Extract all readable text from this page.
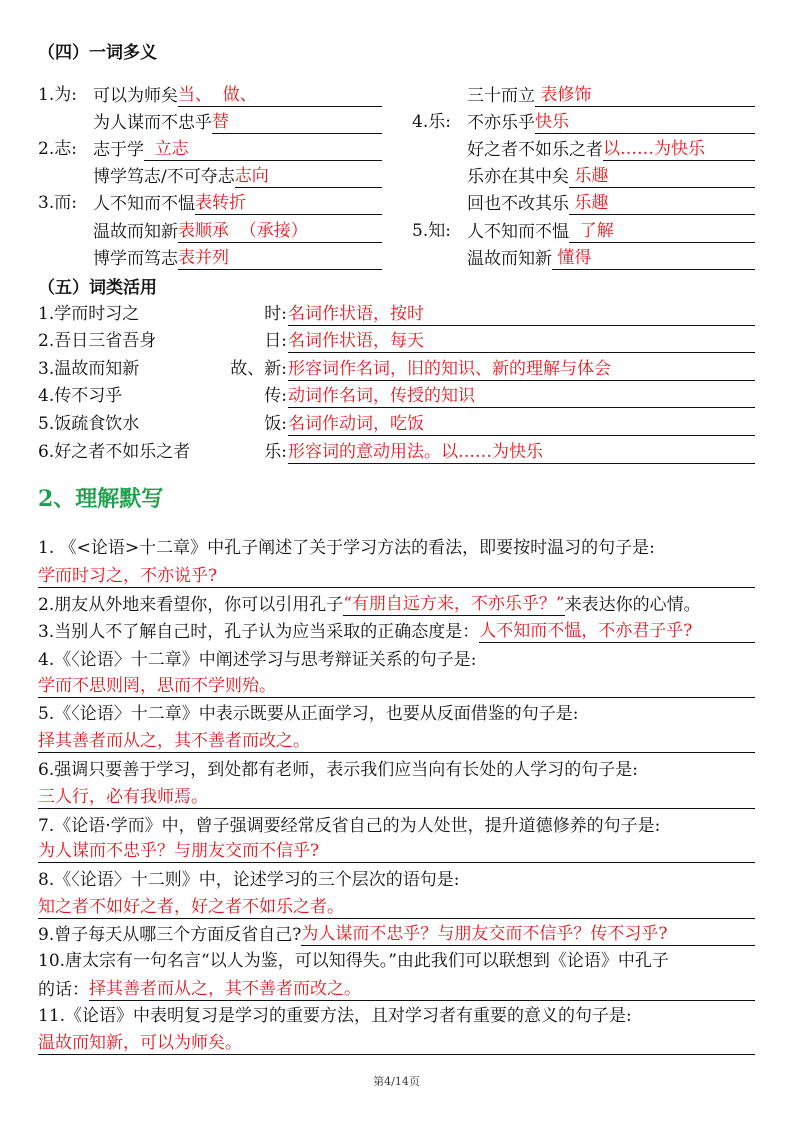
（四）一词多义
1.为: 可以为师矣 当、  做、
为人谋而不忠乎 替
2.志: 志于学 立志
博学笃志/不可夺志 志向
3.而: 人不知而不愠 表转折
温故而知新 表顺承  （承接）
博学而笃志 表并列
三十而立 表修饰
4.乐: 不亦乐乎 快乐
好之者不如乐之者 以……为快乐
乐亦在其中矣 乐趣
回也不改其乐 乐趣
5.知: 人不知而不愠 了解
温故而知新 懂得
（五）词类活用
1.学而时习之	时: 名词作状语，按时
2.吾日三省吾身	日: 名词作状语，每天
3.温故而知新	故、新: 形容词作名词，旧的知识、新的理解与体会
4.传不习乎	传: 动词作名词，传授的知识
5.饭疏食饮水	饭: 名词作动词，吃饭
6.好之者不如乐之者	乐: 形容词的意动用法。以……为快乐
2、理解默写
1. 《<论语>十二章》中孔子阐述了关于学习方法的看法，即要按时温习的句子是:
学而时习之，不亦说乎?
2.朋友从外地来看望你，你可以引用孔子 “有朋自远方来，不亦乐乎？” 来表达你的心情。
3.当别人不了解自己时，孔子认为应当采取的正确态度是： 人不知而不愠，不亦君子乎?
4.《〈论语〉十二章》中阐述学习与思考辩证关系的句子是:
学而不思则罔，思而不学则殆。
5.《〈论语〉十二章》中表示既要从正面学习，也要从反面借鉴的句子是:
择其善者而从之，其不善者而改之。
6.强调只要善于学习，到处都有老师，表示我们应当向有长处的人学习的句子是:
三人行，必有我师焉。
7.《论语·学而》中，曾子强调要经常反省自己的为人处世，提升道德修养的句子是:
为人谋而不忠乎？与朋友交而不信乎?
8.《〈论语〉十二则》中，论述学习的三个层次的语句是:
知之者不如好之者，好之者不如乐之者。
9.曾子每天从哪三个方面反省自己? 为人谋而不忠乎？与朋友交而不信乎？传不习乎?
10.唐太宗有一句名言“以人为鉴，可以知得失。”由此我们可以联想到《论语》中孔子
的话： 择其善者而从之，其不善者而改之。
11.《论语》中表明复习是学习的重要方法，且对学习者有重要的意义的句子是:
温故而知新，可以为师矣。
第4/14页
